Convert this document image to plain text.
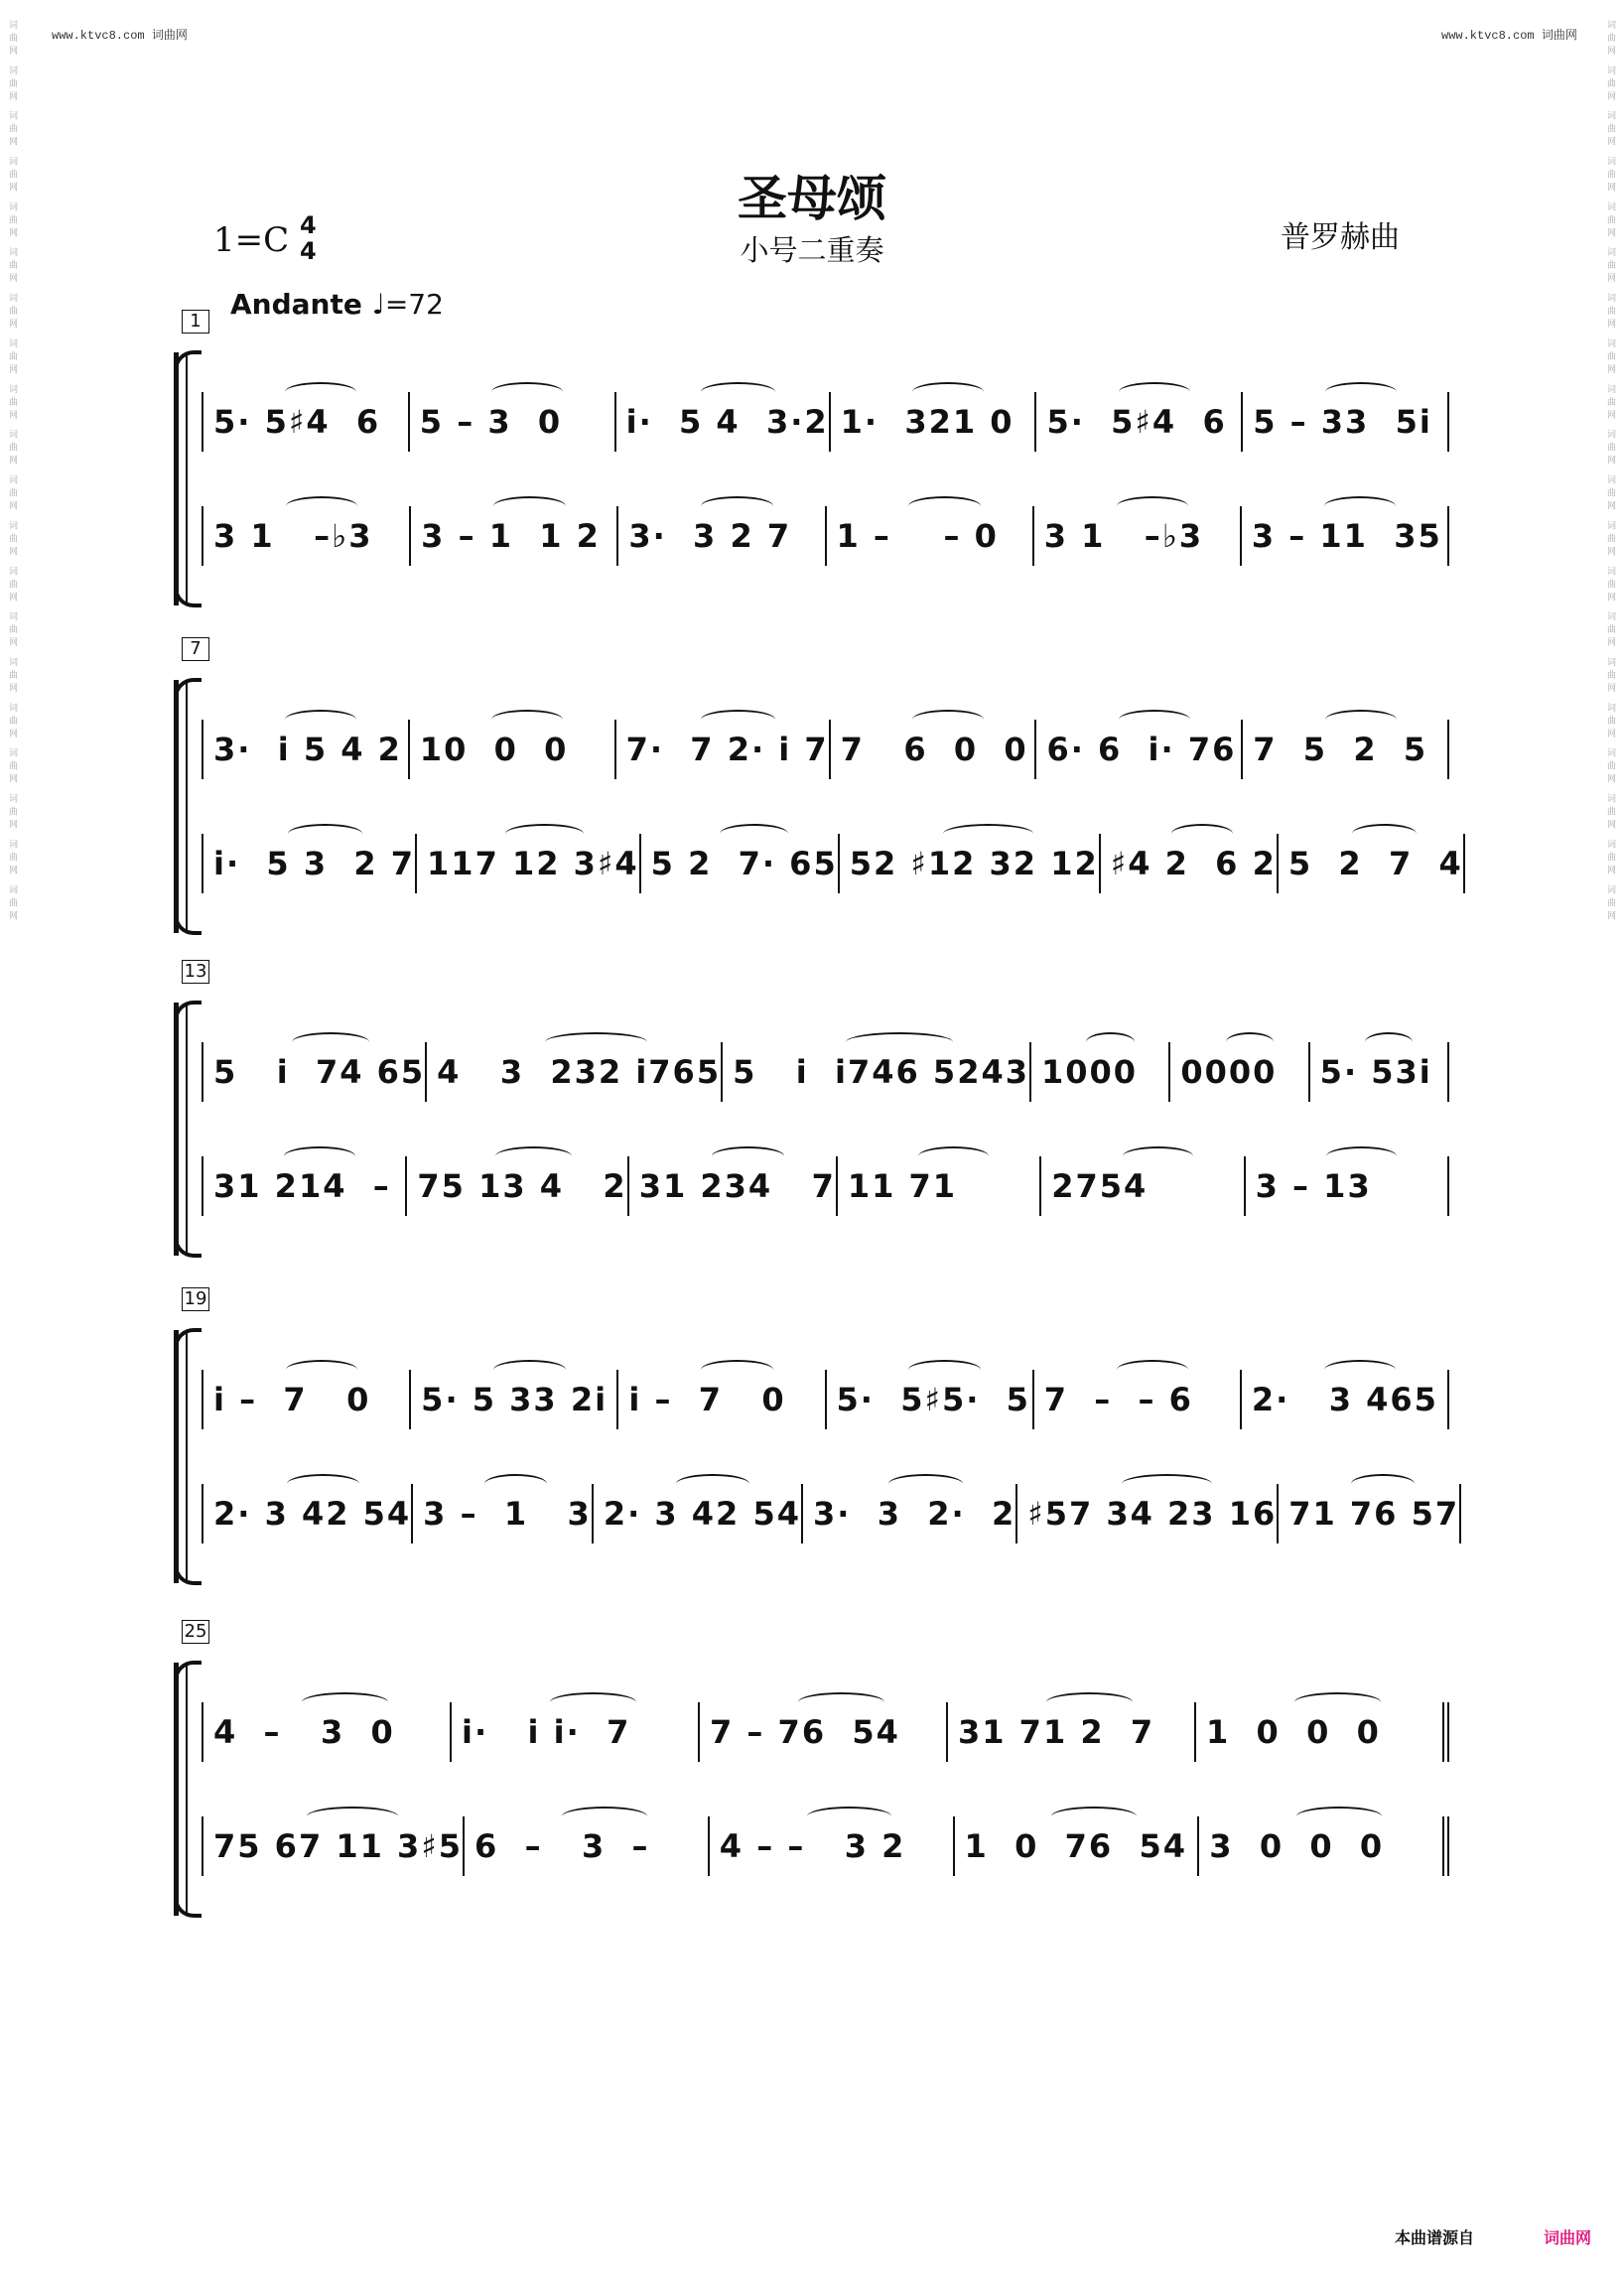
www.ktvc8.com 词曲网	www.ktvc8.com 词曲网
词曲网 词曲网 词曲网 词曲网 词曲网 词曲网 词曲网 词曲网 词曲网 词曲网 词曲网 词曲网 词曲网 词曲网 词曲网 词曲网 词曲网 词曲网 词曲网 词曲网	词曲网 词曲网 词曲网 词曲网 词曲网 词曲网 词曲网 词曲网 词曲网 词曲网 词曲网 词曲网 词曲网 词曲网 词曲网 词曲网 词曲网 词曲网 词曲网 词曲网
圣母颂
小号二重奏
1=C 4
4	普罗赫曲
Andante ♩=72
1
5· 5♯4  6	5 – 3  0	i·  5 4  3·2 1·  321 0	5·  5♯4  6 5 – 33  5i
3 1   –♭3	3 – 1  1 2 3·  3 2 7	1 –    – 0	3 1   –♭3	3 – 11  35
7
3·  i 5 4 2 10  0  0	7·  7 2· i 7 7   6  0  0 6· 6  i· 76 7  5  2  5
i·  5 3  2 7 117 12 3♯4 5 2  7· 65 52 ♯12 32 12 ♯4 2  6 2 5  2  7  4
13
5   i  74 65 4   3  232 i765 5   i  i746 5243 1000	0000	5· 53i
31 214  – 75 13 4   2 31 234   7 11 71	2754	3 – 13
19
i –  7   0	5· 5 33 2i i –  7   0	5·  5♯5·  5 7  –  – 6	2·   3 465
2· 3 42 54 3 –  1   3 2· 3 42 54 3·  3  2·  2 ♯57 34 23 16 71 76 57
25
4  –   3  0	i·   i i·  7	7 – 76  54	31 71 2  7	1  0  0  0
75 67 11 3♯5 6  –   3  –	4 – –   3 2	1  0  76  54 3  0  0  0
本曲谱源自	词曲网
